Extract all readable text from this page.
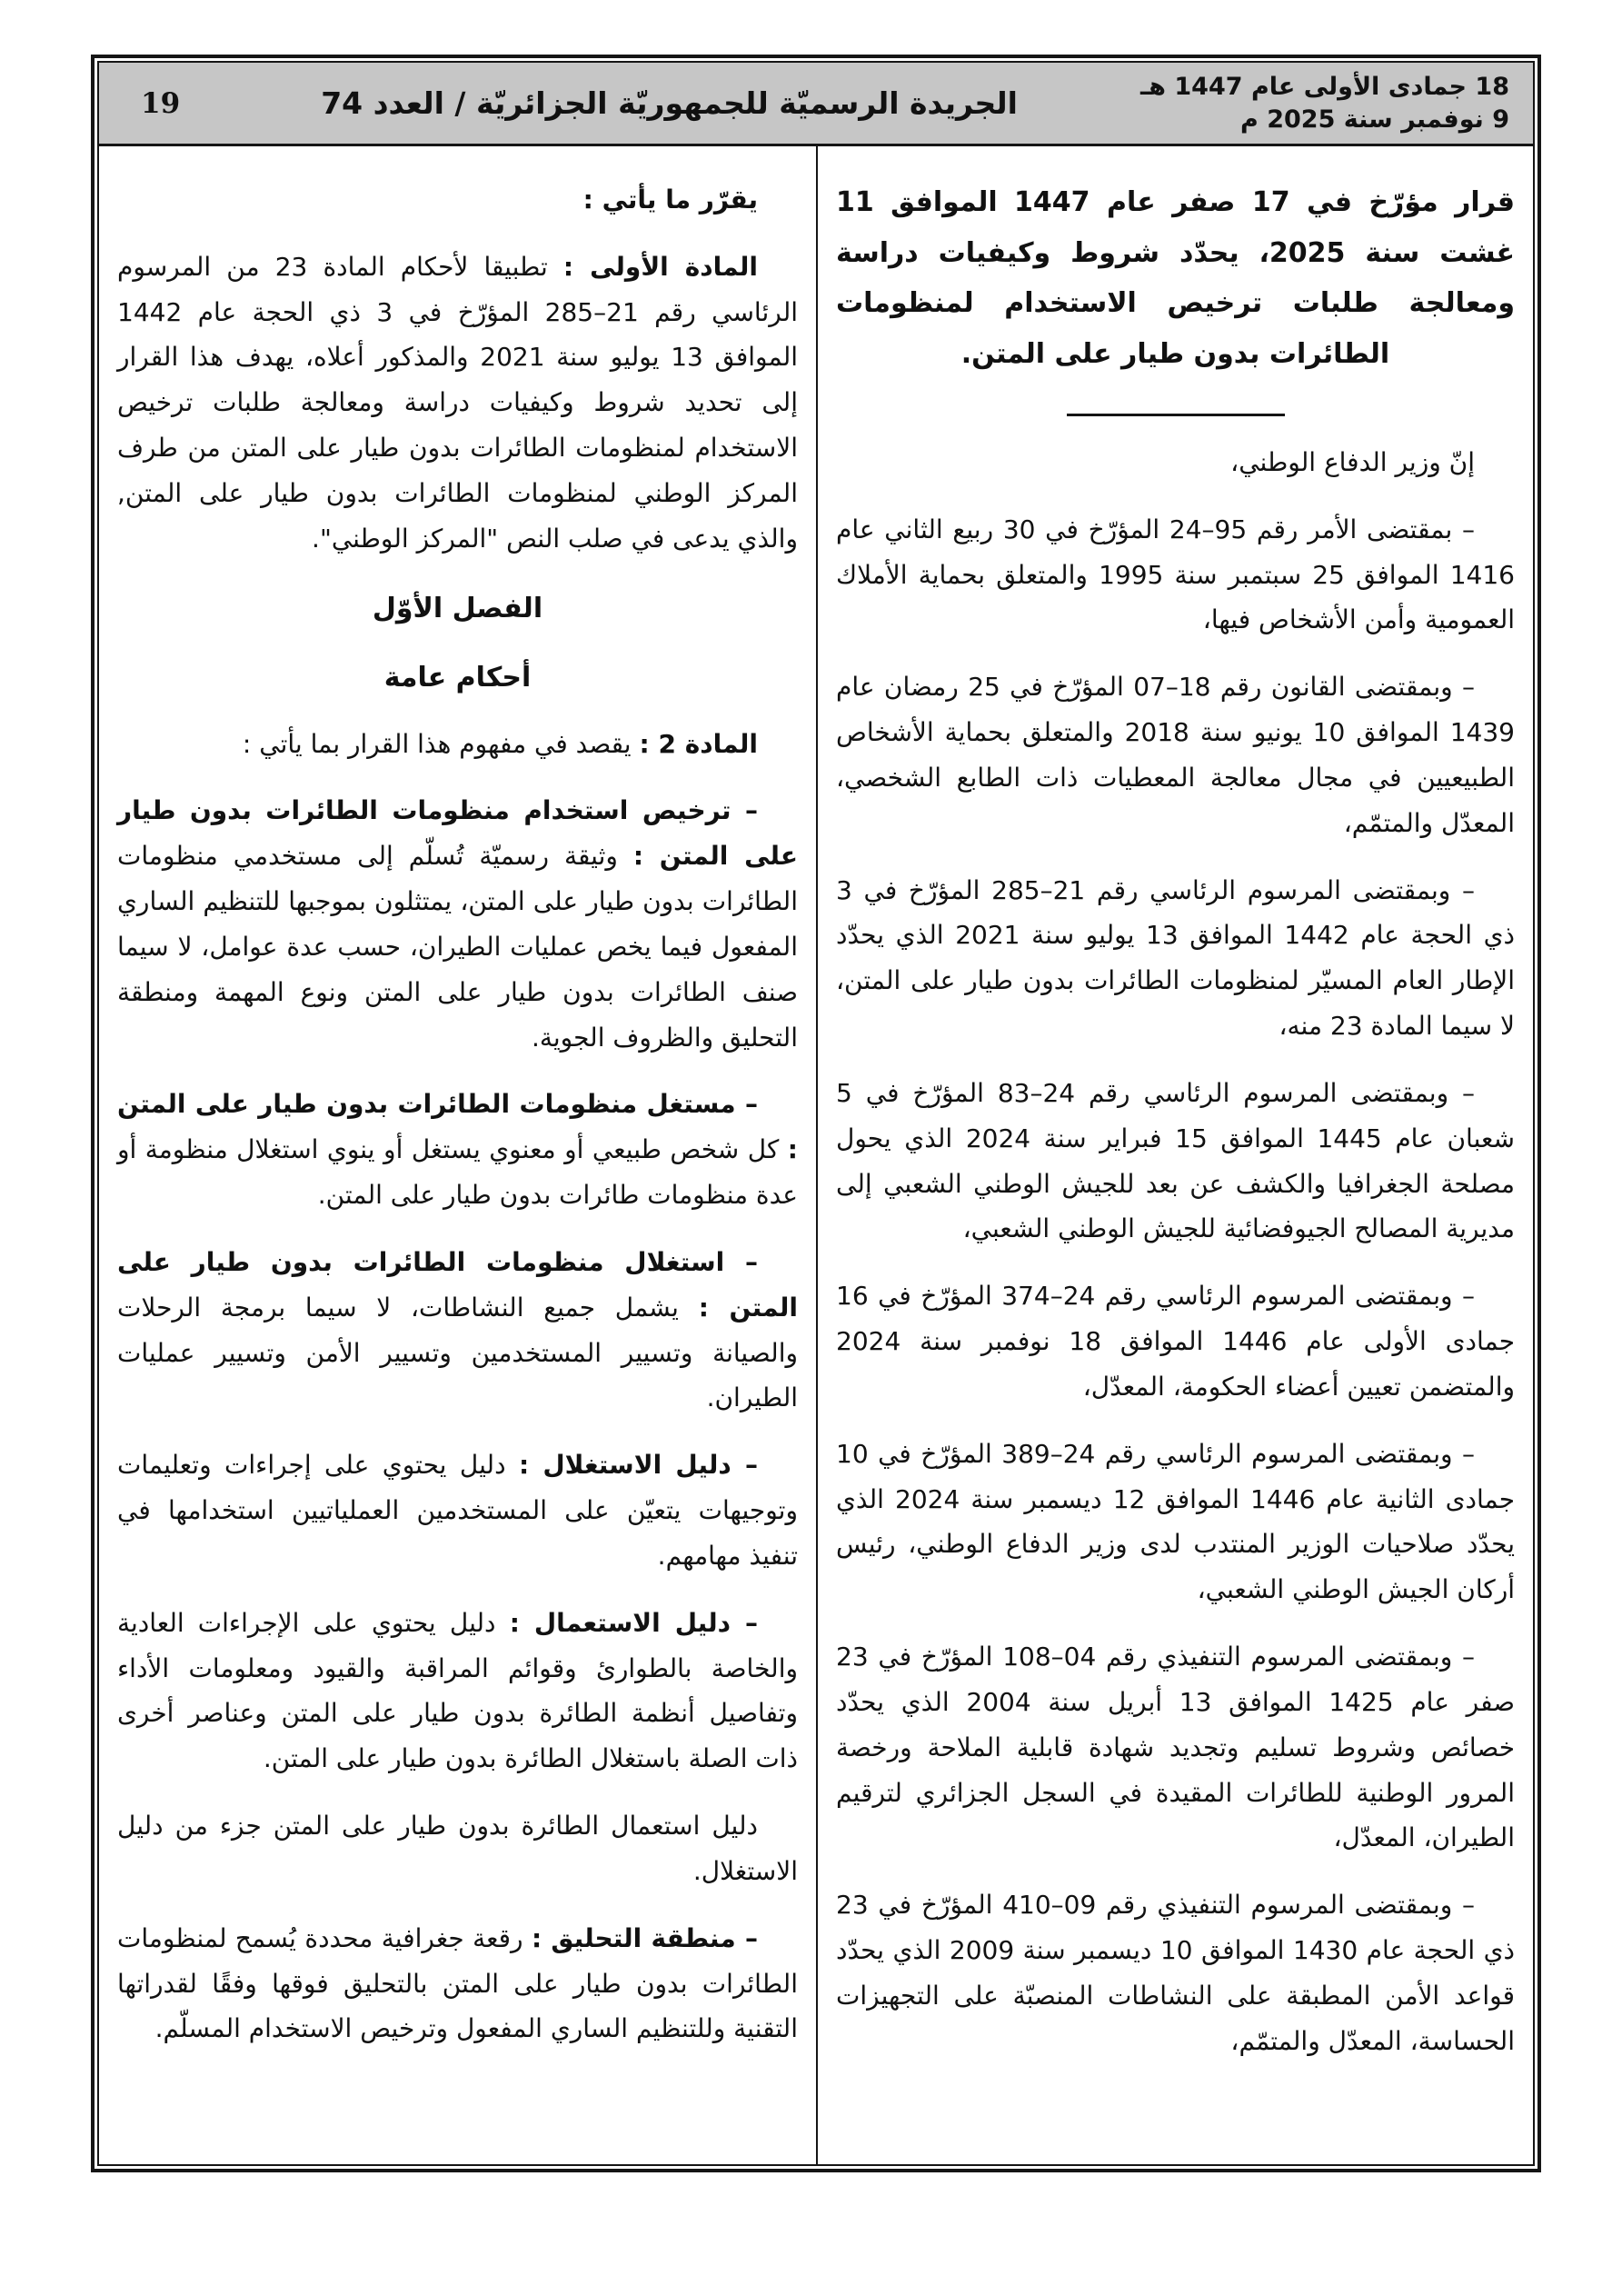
18 جمادى الأولى عام 1447 هـ
9 نوفمبر سنة 2025 م
الجريدة الرسميّة للجمهوريّة الجزائريّة / العدد 74
19

قرار مؤرّخ في 17 صفر عام 1447 الموافق 11 غشت سنة 2025، يحدّد شروط وكيفيات دراسة ومعالجة طلبات ترخيص الاستخدام لمنظومات الطائرات بدون طيار على المتن.

إنّ وزير الدفاع الوطني،

– بمقتضى الأمر رقم 95–24 المؤرّخ في 30 ربيع الثاني عام 1416 الموافق 25 سبتمبر سنة 1995 والمتعلق بحماية الأملاك العمومية وأمن الأشخاص فيها،

– وبمقتضى القانون رقم 18–07 المؤرّخ في 25 رمضان عام 1439 الموافق 10 يونيو سنة 2018 والمتعلق بحماية الأشخاص الطبيعيين في مجال معالجة المعطيات ذات الطابع الشخصي، المعدّل والمتمّم،

– وبمقتضى المرسوم الرئاسي رقم 21–285 المؤرّخ في 3 ذي الحجة عام 1442 الموافق 13 يوليو سنة 2021 الذي يحدّد الإطار العام المسيّر لمنظومات الطائرات بدون طيار على المتن، لا سيما المادة 23 منه،

– وبمقتضى المرسوم الرئاسي رقم 24–83 المؤرّخ في 5 شعبان عام 1445 الموافق 15 فبراير سنة 2024 الذي يحول مصلحة الجغرافيا والكشف عن بعد للجيش الوطني الشعبي إلى مديرية المصالح الجيوفضائية للجيش الوطني الشعبي،

– وبمقتضى المرسوم الرئاسي رقم 24–374 المؤرّخ في 16 جمادى الأولى عام 1446 الموافق 18 نوفمبر سنة 2024 والمتضمن تعيين أعضاء الحكومة، المعدّل،

– وبمقتضى المرسوم الرئاسي رقم 24–389 المؤرّخ في 10 جمادى الثانية عام 1446 الموافق 12 ديسمبر سنة 2024 الذي يحدّد صلاحيات الوزير المنتدب لدى وزير الدفاع الوطني، رئيس أركان الجيش الوطني الشعبي،

– وبمقتضى المرسوم التنفيذي رقم 04–108 المؤرّخ في 23 صفر عام 1425 الموافق 13 أبريل سنة 2004 الذي يحدّد خصائص وشروط تسليم وتجديد شهادة قابلية الملاحة ورخصة المرور الوطنية للطائرات المقيدة في السجل الجزائري لترقيم الطيران، المعدّل،

– وبمقتضى المرسوم التنفيذي رقم 09–410 المؤرّخ في 23 ذي الحجة عام 1430 الموافق 10 ديسمبر سنة 2009 الذي يحدّد قواعد الأمن المطبقة على النشاطات المنصبّة على التجهيزات الحساسة، المعدّل والمتمّم،

يقرّر ما يأتي :

المادة الأولى : تطبيقا لأحكام المادة 23 من المرسوم الرئاسي رقم 21–285 المؤرّخ في 3 ذي الحجة عام 1442 الموافق 13 يوليو سنة 2021 والمذكور أعلاه، يهدف هذا القرار إلى تحديد شروط وكيفيات دراسة ومعالجة طلبات ترخيص الاستخدام لمنظومات الطائرات بدون طيار على المتن من طرف المركز الوطني لمنظومات الطائرات بدون طيار على المتن, والذي يدعى في صلب النص "المركز الوطني".

الفصل الأوّل

أحكام عامة

المادة 2 : يقصد في مفهوم هذا القرار بما يأتي :

– ترخيص استخدام منظومات الطائرات بدون طيار على المتن : وثيقة رسميّة تُسلّم إلى مستخدمي منظومات الطائرات بدون طيار على المتن، يمتثلون بموجبها للتنظيم الساري المفعول فيما يخص عمليات الطيران، حسب عدة عوامل، لا سيما صنف الطائرات بدون طيار على المتن ونوع المهمة ومنطقة التحليق والظروف الجوية.

– مستغل منظومات الطائرات بدون طيار على المتن : كل شخص طبيعي أو معنوي يستغل أو ينوي استغلال منظومة أو عدة منظومات طائرات بدون طيار على المتن.

– استغلال منظومات الطائرات بدون طيار على المتن : يشمل جميع النشاطات، لا سيما برمجة الرحلات والصيانة وتسيير المستخدمين وتسيير الأمن وتسيير عمليات الطيران.

– دليل الاستغلال : دليل يحتوي على إجراءات وتعليمات وتوجيهات يتعيّن على المستخدمين العملياتيين استخدامها في تنفيذ مهامهم.

– دليل الاستعمال : دليل يحتوي على الإجراءات العادية والخاصة بالطوارئ وقوائم المراقبة والقيود ومعلومات الأداء وتفاصيل أنظمة الطائرة بدون طيار على المتن وعناصر أخرى ذات الصلة باستغلال الطائرة بدون طيار على المتن.

دليل استعمال الطائرة بدون طيار على المتن جزء من دليل الاستغلال.

– منطقة التحليق : رقعة جغرافية محددة يُسمح لمنظومات الطائرات بدون طيار على المتن بالتحليق فوقها وفقًا لقدراتها التقنية وللتنظيم الساري المفعول وترخيص الاستخدام المسلّم.
